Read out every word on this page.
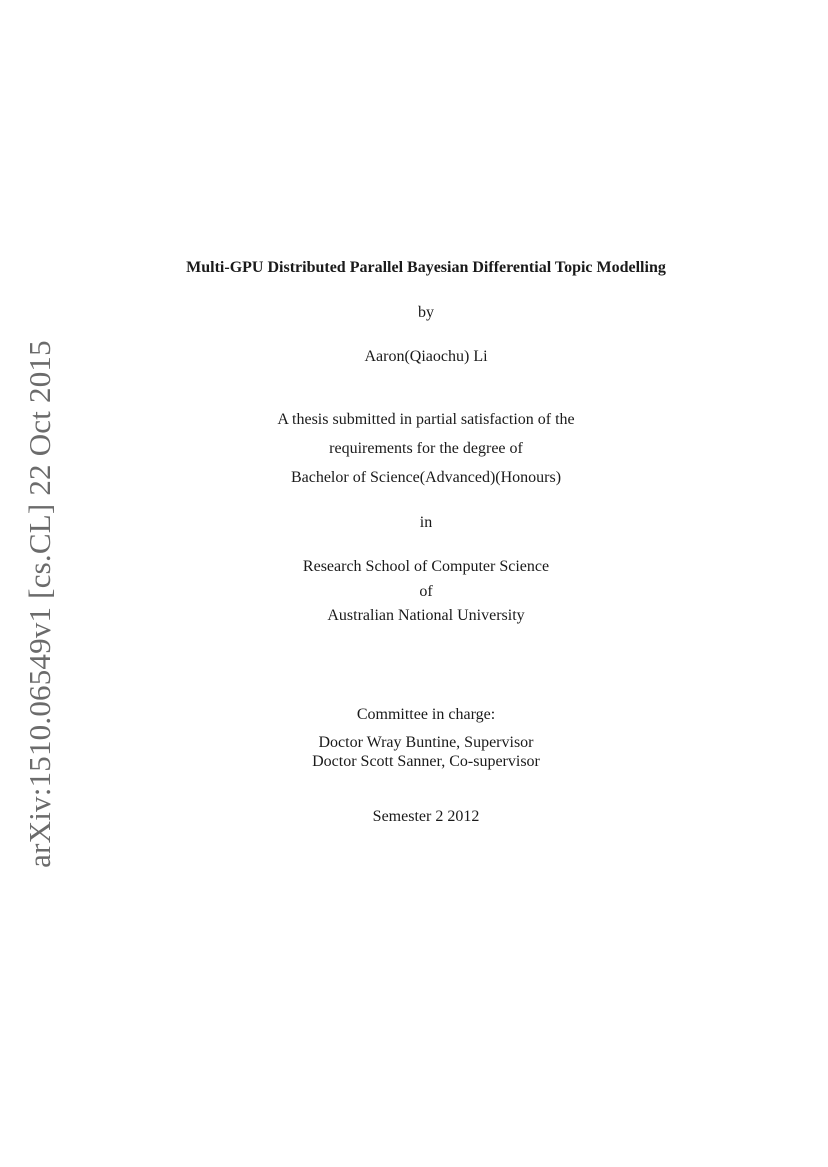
arXiv:1510.06549v1 [cs.CL] 22 Oct 2015
Multi-GPU Distributed Parallel Bayesian Differential Topic Modelling
by
Aaron(Qiaochu) Li
A thesis submitted in partial satisfaction of the
requirements for the degree of
Bachelor of Science(Advanced)(Honours)
in
Research School of Computer Science
of
Australian National University
Committee in charge:
Doctor Wray Buntine, Supervisor
Doctor Scott Sanner, Co-supervisor
Semester 2 2012
